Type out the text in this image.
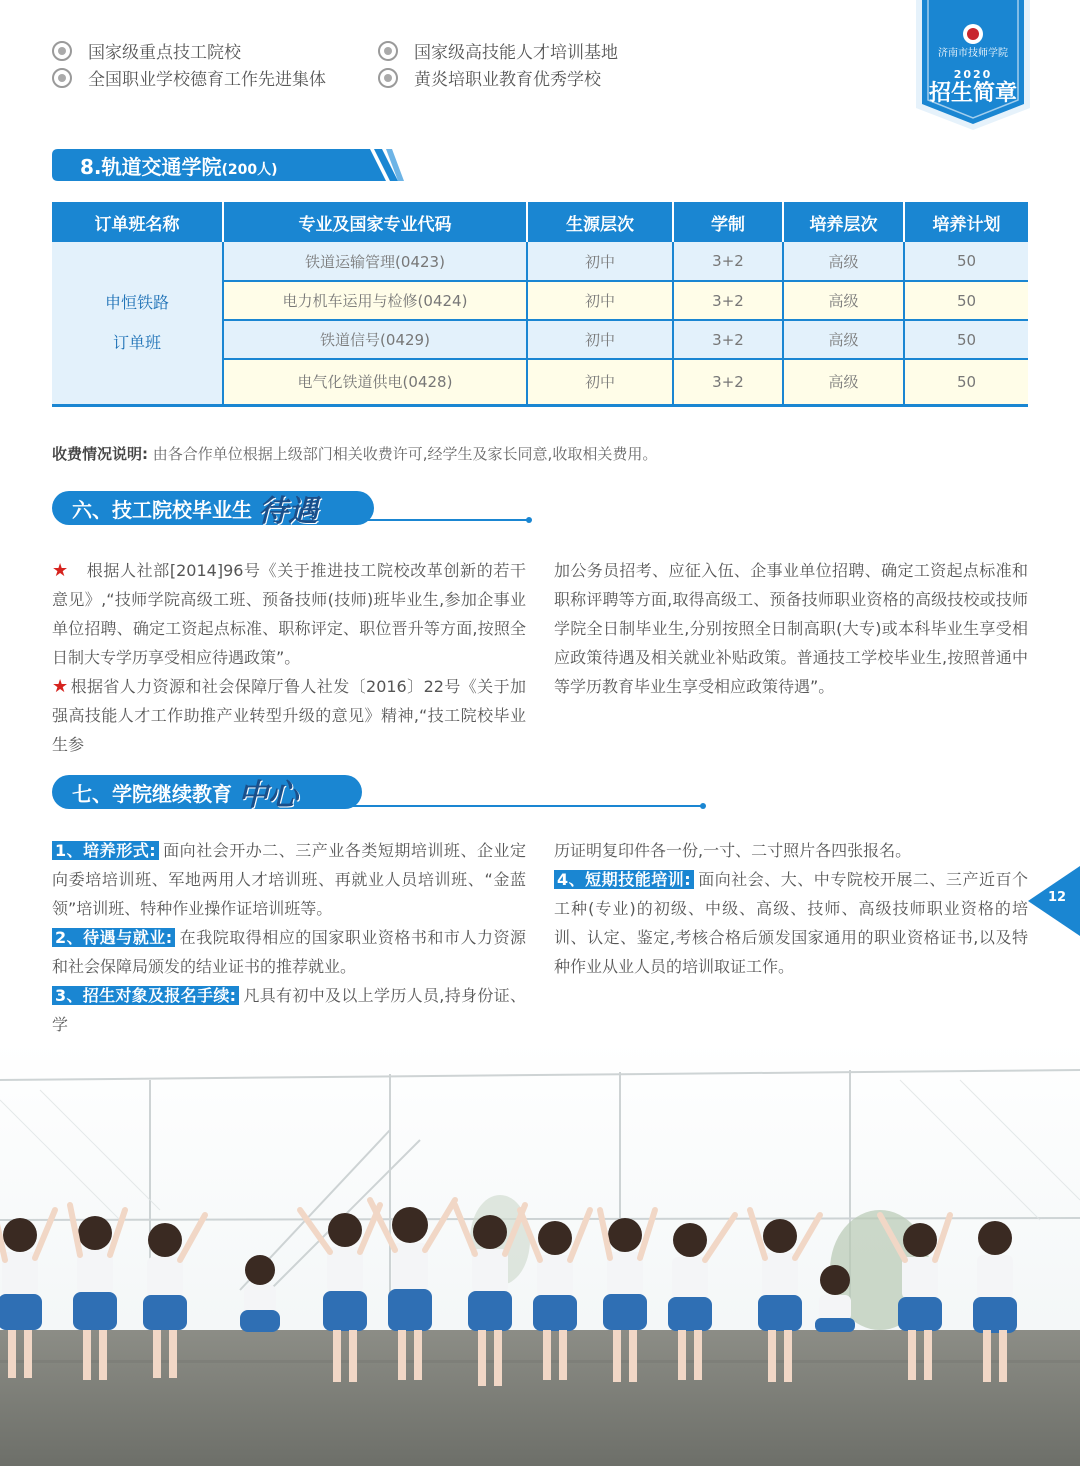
国家级重点技工院校	国家级高技能人才培训基地
全国职业学校德育工作先进集体	黄炎培职业教育优秀学校
济南市技师学院
2020
招生简章
8.轨道交通学院(200人)
订单班名称	专业及国家专业代码	生源层次	学制	培养层次	培养计划

申恒铁路
订单班	铁道运输管理(0423)	初中	3+2	高级	50
	电力机车运用与检修(0424)	初中	3+2	高级	50
	铁道信号(0429)	初中	3+2	高级	50
	电气化铁道供电(0428)	初中	3+2	高级	50
收费情况说明: 由各合作单位根据上级部门相关收费许可,经学生及家长同意,收取相关费用。
六、技工院校毕业生 待遇

★ 根据人社部[2014]96号《关于推进技工院校改革创新的若干意见》,“技师学院高级工班、预备技师(技师)班毕业生,参加企事业单位招聘、确定工资起点标准、职称评定、职位晋升等方面,按照全日制大专学历享受相应待遇政策”。

★ 根据省人力资源和社会保障厅鲁人社发〔2016〕22号《关于加强高技能人才工作助推产业转型升级的意见》精神,“技工院校毕业生参

加公务员招考、应征入伍、企事业单位招聘、确定工资起点标准和职称评聘等方面,取得高级工、预备技师职业资格的高级技校或技师学院全日制毕业生,分别按照全日制高职(大专)或本科毕业生享受相应政策待遇及相关就业补贴政策。普通技工学校毕业生,按照普通中等学历教育毕业生享受相应政策待遇”。

七、学院继续教育 中心

1、培养形式: 面向社会开办二、三产业各类短期培训班、企业定向委培培训班、军地两用人才培训班、再就业人员培训班、“金蓝领”培训班、特种作业操作证培训班等。

2、待遇与就业: 在我院取得相应的国家职业资格书和市人力资源和社会保障局颁发的结业证书的推荐就业。

3、招生对象及报名手续: 凡具有初中及以上学历人员,持身份证、学

历证明复印件各一份,一寸、二寸照片各四张报名。

4、短期技能培训: 面向社会、大、中专院校开展二、三产近百个工种(专业)的初级、中级、高级、技师、高级技师职业资格的培训、认定、鉴定,考核合格后颁发国家通用的职业资格证书,以及特种作业从业人员的培训取证工作。

12
